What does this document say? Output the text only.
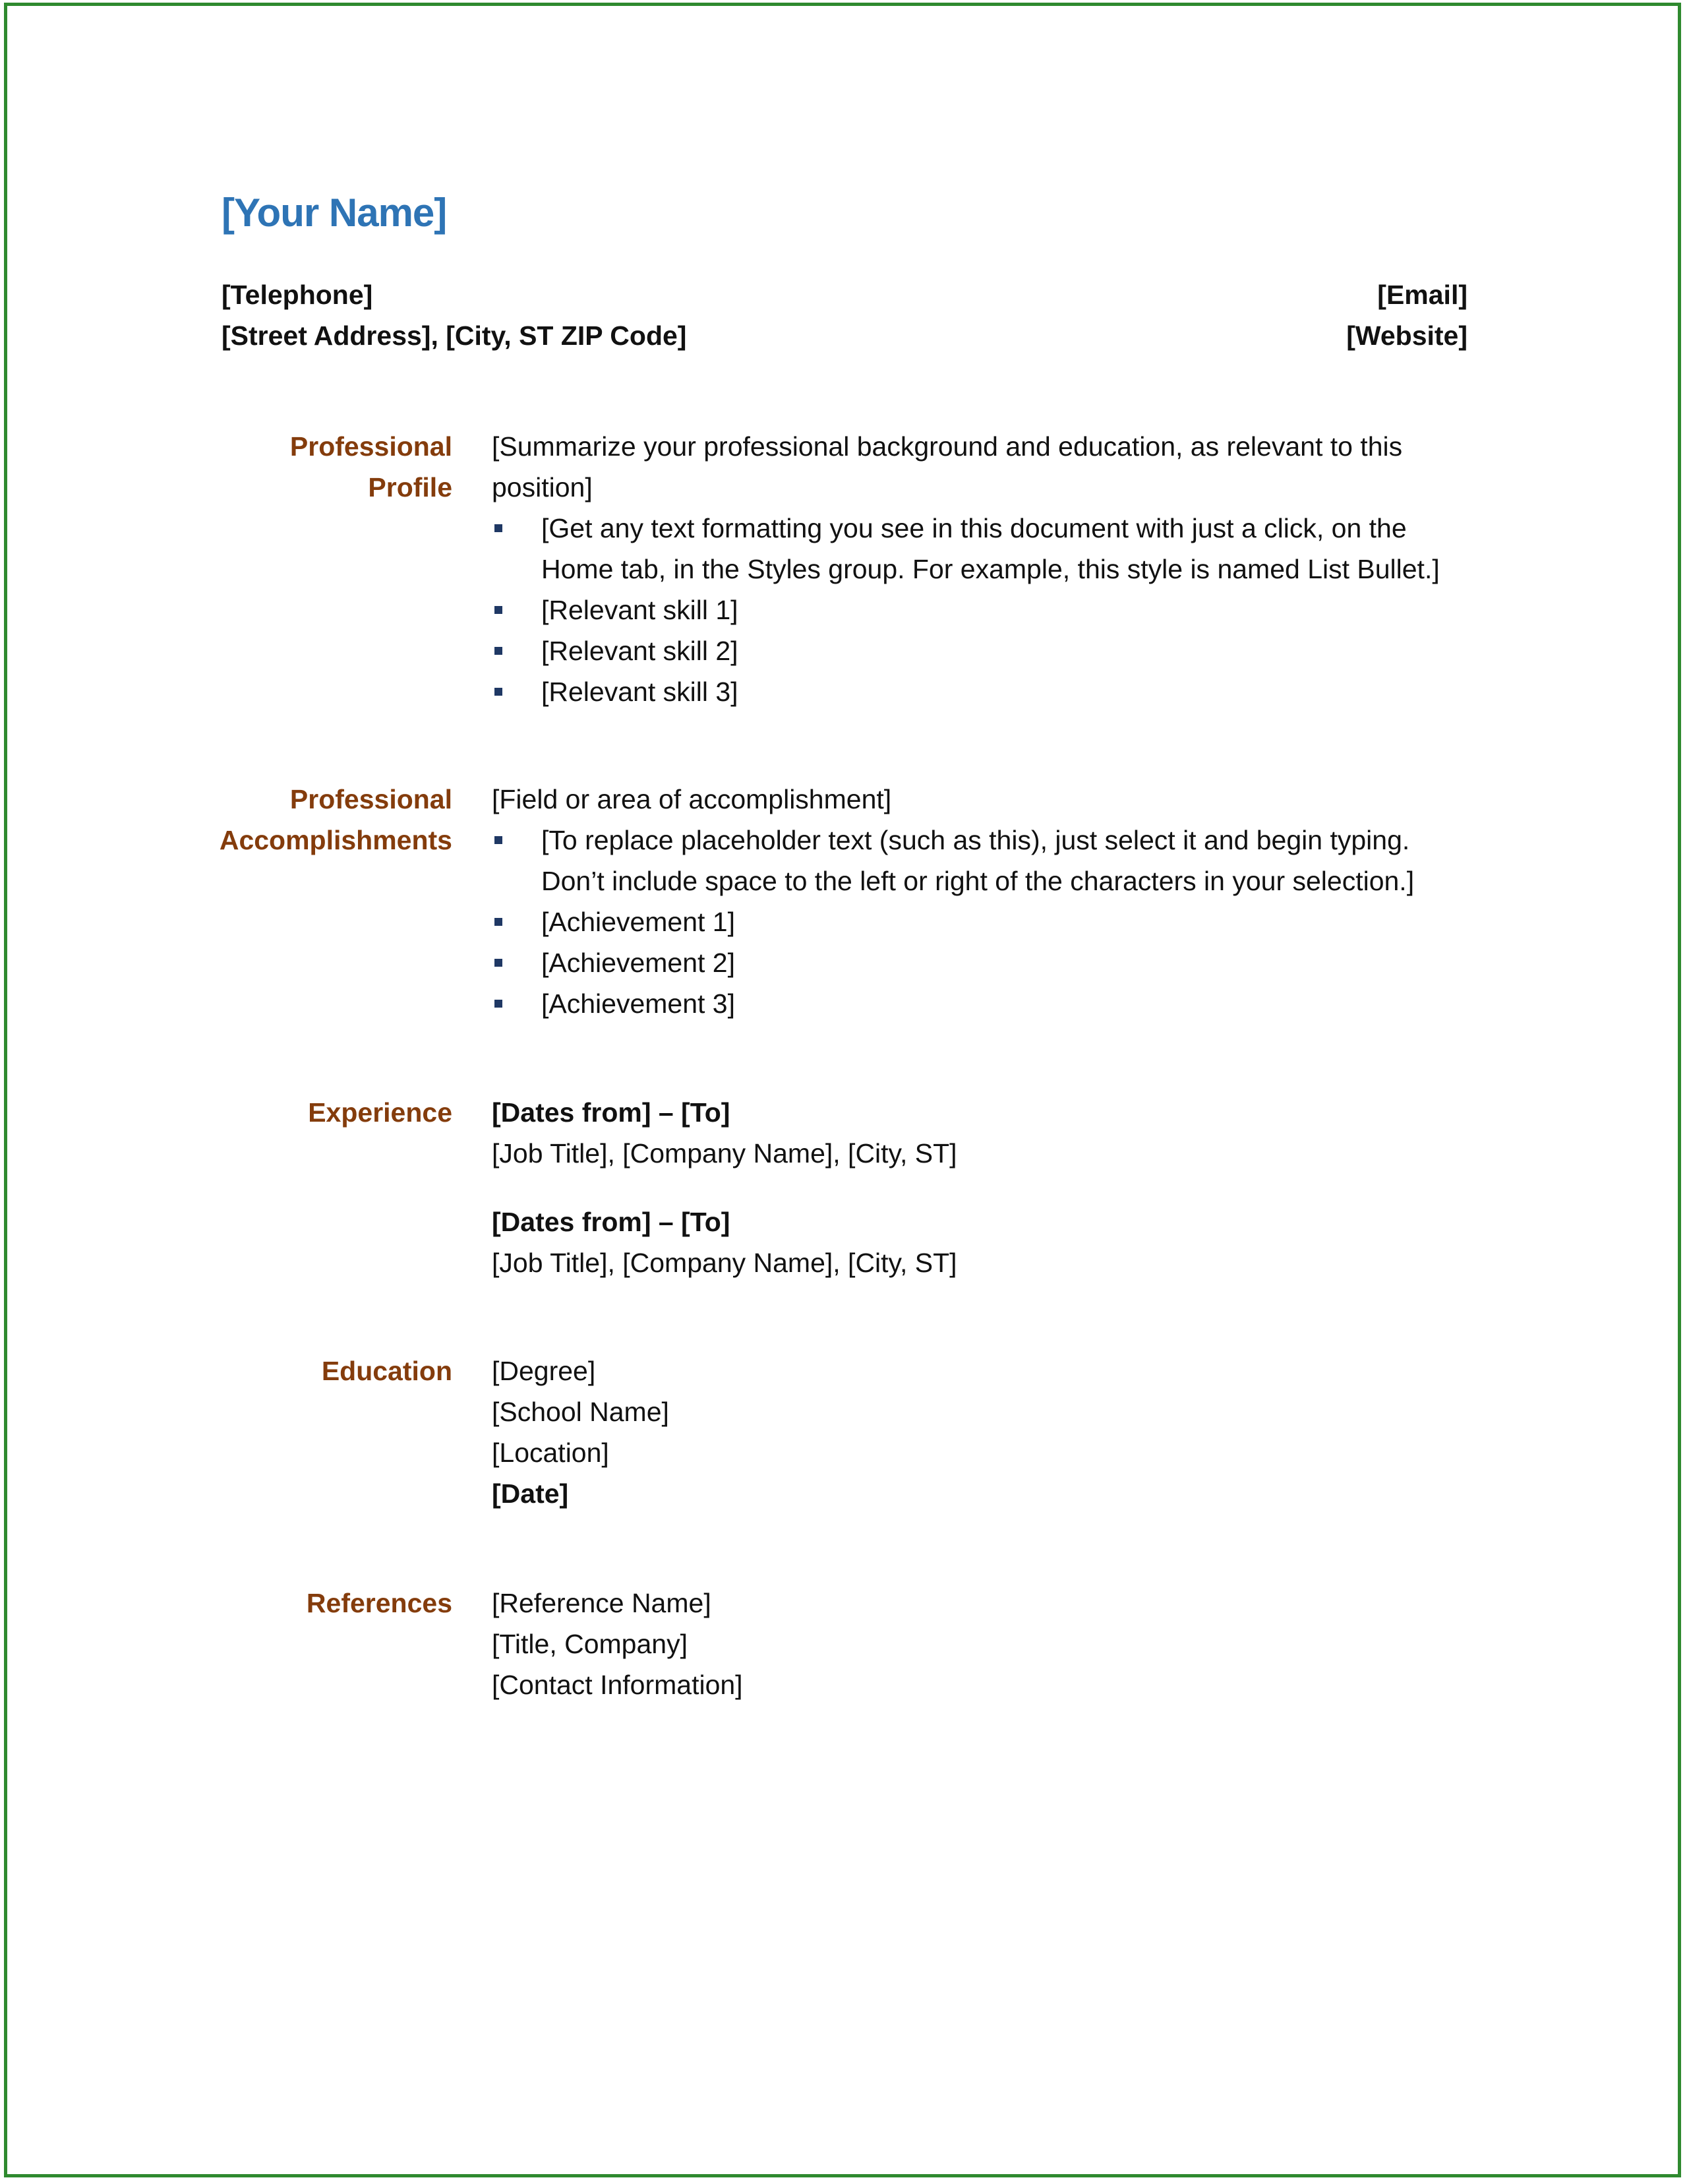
[Your Name]
[Telephone]
[Street Address], [City, ST ZIP Code]
[Email]
[Website]
Professional
Profile
[Summarize your professional background and education, as relevant to this
position]
[Get any text formatting you see in this document with just a click, on the
Home tab, in the Styles group. For example, this style is named List Bullet.]
[Relevant skill 1]
[Relevant skill 2]
[Relevant skill 3]
Professional
Accomplishments
[Field or area of accomplishment]
[To replace placeholder text (such as this), just select it and begin typing.
Don’t include space to the left or right of the characters in your selection.]
[Achievement 1]
[Achievement 2]
[Achievement 3]
Experience [Dates from] – [To]
[Job Title], [Company Name], [City, ST]
[Dates from] – [To]
[Job Title], [Company Name], [City, ST]
Education [Degree]
[School Name]
[Location]
[Date]
References [Reference Name]
[Title, Company]
[Contact Information]
